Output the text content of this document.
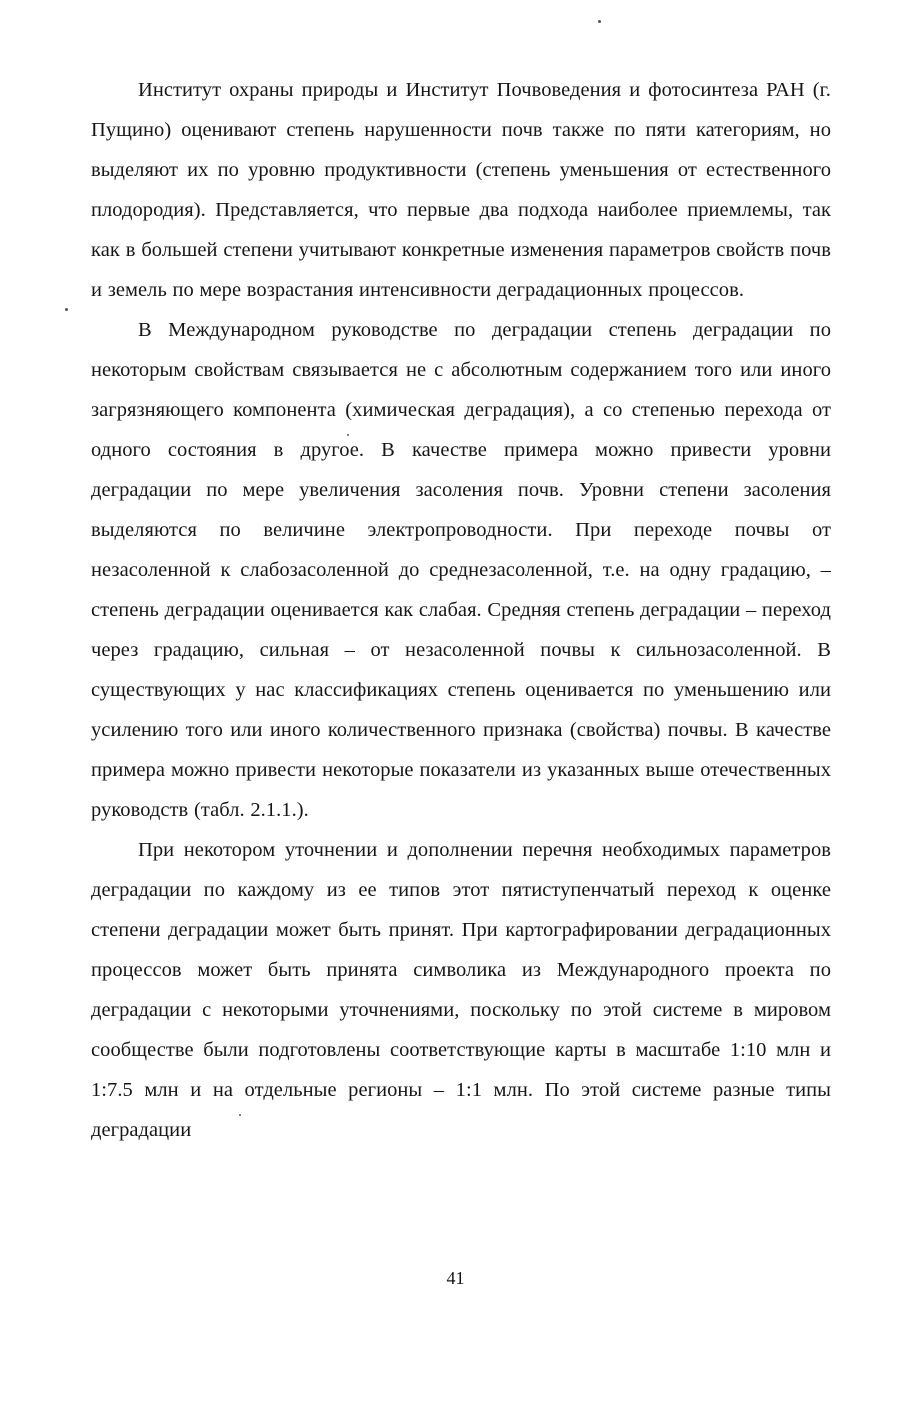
Институт охраны природы и Институт Почвоведения и фотосинтеза РАН (г. Пущино) оценивают степень нарушенности почв также по пяти категориям, но выделяют их по уровню продуктивности (степень уменьшения от естественного плодородия). Представляется, что первые два подхода наиболее приемлемы, так как в большей степени учитывают конкретные изменения параметров свойств почв и земель по мере возрастания интенсивности деградационных процессов.

В Международном руководстве по деградации степень деградации по некоторым свойствам связывается не с абсолютным содержанием того или иного загрязняющего компонента (химическая деградация), а со степенью перехода от одного состояния в другое. В качестве примера можно привести уровни деградации по мере увеличения засоления почв. Уровни степени засоления выделяются по величине электропроводности. При переходе почвы от незасоленной к слабозасоленной до среднезасоленной, т.е. на одну градацию, – степень деградации оценивается как слабая. Средняя степень деградации – переход через градацию, сильная – от незасоленной почвы к сильнозасоленной. В существующих у нас классификациях степень оценивается по уменьшению или усилению того или иного количественного признака (свойства) почвы. В качестве примера можно привести некоторые показатели из указанных выше отечественных руководств (табл. 2.1.1.).

При некотором уточнении и дополнении перечня необходимых параметров деградации по каждому из ее типов этот пятиступенчатый переход к оценке степени деградации может быть принят. При картографировании деградационных процессов может быть принята символика из Международного проекта по деградации с некоторыми уточнениями, поскольку по этой системе в мировом сообществе были подготовлены соответствующие карты в масштабе 1:10 млн и 1:7.5 млн и на отдельные регионы – 1:1 млн. По этой системе разные типы деградации

41
